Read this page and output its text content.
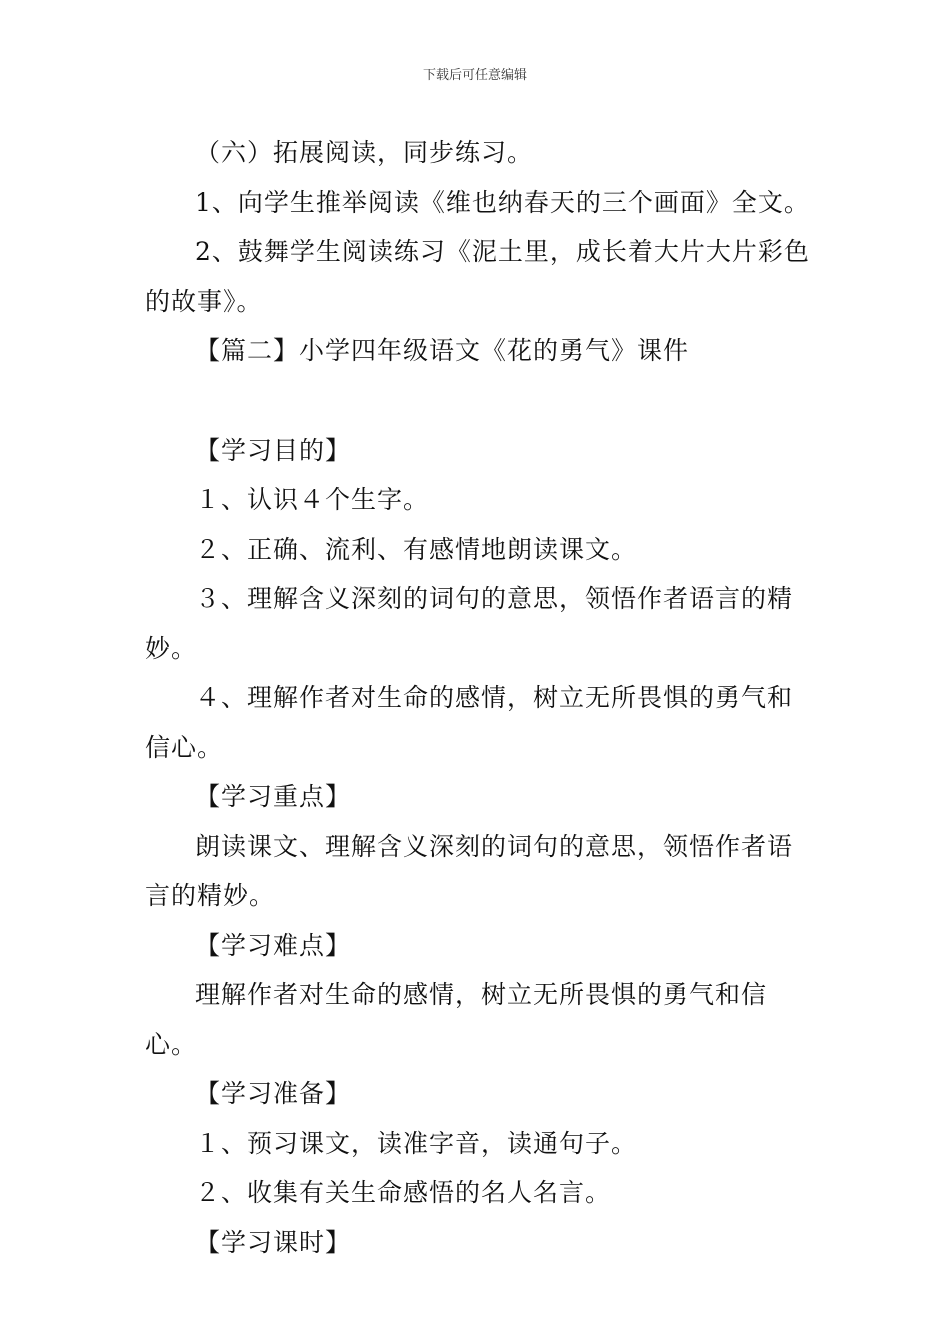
下载后可任意编辑

（六）拓展阅读，同步练习。

1、向学生推举阅读《维也纳春天的三个画面》全文。

2、鼓舞学生阅读练习《泥土里，成长着大片大片彩色的故事》。

【篇二】小学四年级语文《花的勇气》课件

【学习目的】

１、认识４个生字。

２、正确、流利、有感情地朗读课文。

３、理解含义深刻的词句的意思，领悟作者语言的精妙。

４、理解作者对生命的感情，树立无所畏惧的勇气和信心。

【学习重点】

朗读课文、理解含义深刻的词句的意思，领悟作者语言的精妙。

【学习难点】

理解作者对生命的感情，树立无所畏惧的勇气和信心。

【学习准备】

１、预习课文，读准字音，读通句子。

２、收集有关生命感悟的名人名言。

【学习课时】
